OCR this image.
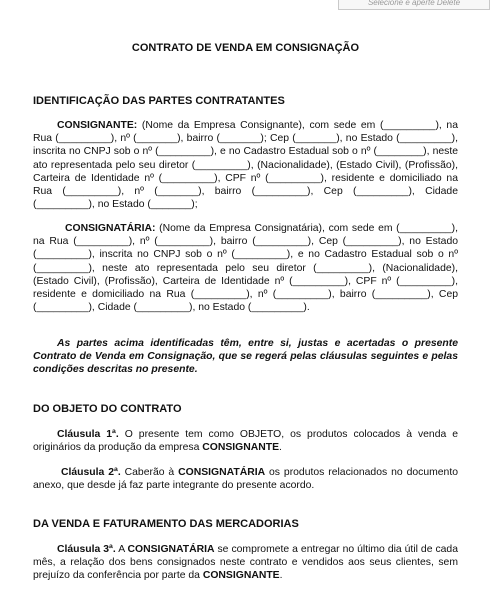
Selecione e aperte Delete
CONTRATO DE VENDA EM CONSIGNAÇÃO
IDENTIFICAÇÃO DAS PARTES CONTRATANTES
CONSIGNANTE: (Nome da Empresa Consignante), com sede em (_________), na Rua (_________), nº (_______), bairro (_______); Cep (_______), no Estado (_________), inscrita no CNPJ sob o nº (_________), e no Cadastro Estadual sob o nº (________), neste ato representada pelo seu diretor (_________), (Nacionalidade), (Estado Civil), (Profissão), Carteira de Identidade nº (_________), CPF nº (_________), residente e domiciliado na Rua (_________), nº (_______), bairro (_________), Cep (_________), Cidade (_________), no Estado (_______);
CONSIGNATÁRIA: (Nome da Empresa Consignatária), com sede em (_________), na Rua (_________), nº (_________), bairro (_________), Cep (_________), no Estado (_________), inscrita no CNPJ sob o nº (_________), e no Cadastro Estadual sob o nº (_________), neste ato representada pelo seu diretor (_________), (Nacionalidade), (Estado Civil), (Profissão), Carteira de Identidade nº (_________), CPF nº (_________), residente e domiciliado na Rua (_________), nº (_________), bairro (_________), Cep (_________), Cidade (_________), no Estado (_________).
As partes acima identificadas têm, entre si, justas e acertadas o presente Contrato de Venda em Consignação, que se regerá pelas cláusulas seguintes e pelas condições descritas no presente.
DO OBJETO DO CONTRATO
Cláusula 1ª. O presente tem como OBJETO, os produtos colocados à venda e originários da produção da empresa CONSIGNANTE.
Cláusula 2ª. Caberão à CONSIGNATÁRIA os produtos relacionados no documento anexo, que desde já faz parte integrante do presente acordo.
DA VENDA E FATURAMENTO DAS MERCADORIAS
Cláusula 3ª. A CONSIGNATÁRIA se compromete a entregar no último dia útil de cada mês, a relação dos bens consignados neste contrato e vendidos aos seus clientes, sem prejuízo da conferência por parte da CONSIGNANTE.
